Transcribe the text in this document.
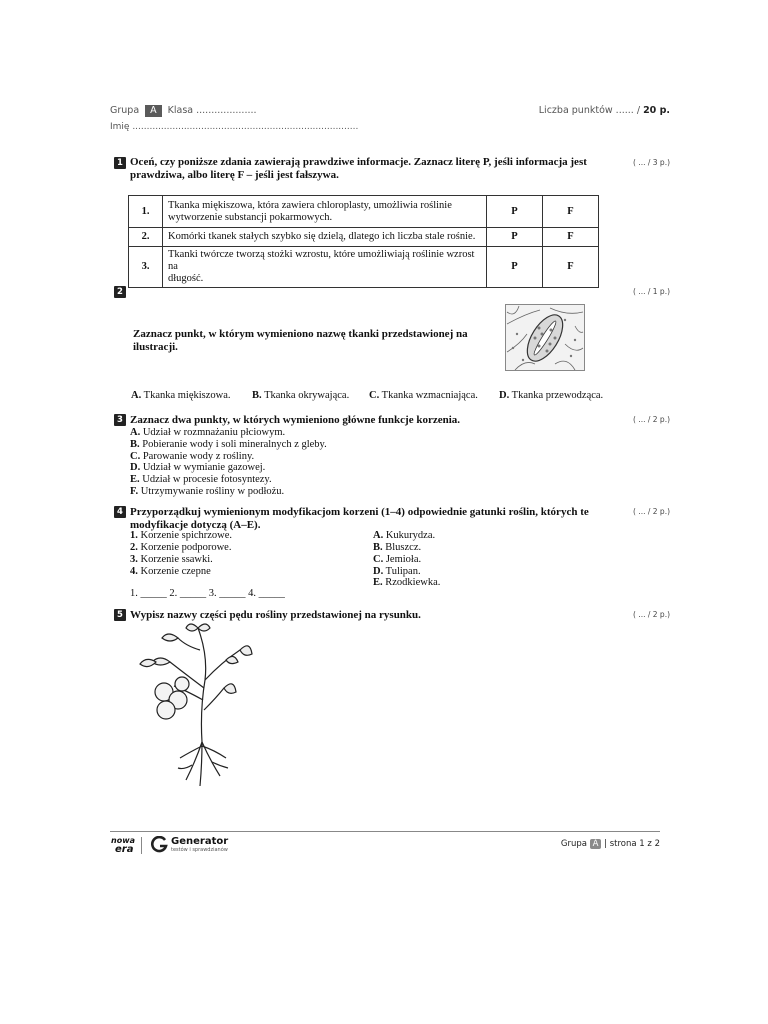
Grupa A Klasa ....................	Liczba punktów ...... / 20 p.
Imię ...............................................................................
1 Oceń, czy poniższe zdania zawierają prawdziwe informacje. Zaznacz literę P, jeśli informacja jest
prawdziwa, albo literę F – jeśli jest fałszywa.
( ... / 3 p.)
1.	Tkanka miękiszowa, która zawiera chloroplasty, umożliwia roślinie
wytworzenie substancji pokarmowych.	P	F
2.	Komórki tkanek stałych szybko się dzielą, dlatego ich liczba stale rośnie.	P	F
3.	Tkanki twórcze tworzą stożki wzrostu, które umożliwiają roślinie wzrost na
długość.	P	F
2	( ... / 1 p.)
Zaznacz punkt, w którym wymieniono nazwę tkanki przedstawionej na
ilustracji.
A. Tkanka miękiszowa. B. Tkanka okrywająca. C. Tkanka wzmacniająca. D. Tkanka przewodząca.
3 Zaznacz dwa punkty, w których wymieniono główne funkcje korzenia.	( ... / 2 p.)
A. Udział w rozmnażaniu płciowym.
B. Pobieranie wody i soli mineralnych z gleby.
C. Parowanie wody z rośliny.
D. Udział w wymianie gazowej.
E. Udział w procesie fotosyntezy.
F. Utrzymywanie rośliny w podłożu.
4 Przyporządkuj wymienionym modyfikacjom korzeni (1–4) odpowiednie gatunki roślin, których te
modyfikacje dotyczą (A–E).
( ... / 2 p.)
1. Korzenie spichrzowe.
2. Korzenie podporowe.
3. Korzenie ssawki.
4. Korzenie czepne
A. Kukurydza.
B. Bluszcz.
C. Jemioła.
D. Tulipan.
E. Rzodkiewka.
1. _____ 2. _____ 3. _____ 4. _____
5 Wypisz nazwy części pędu rośliny przedstawionej na rysunku.	( ... / 2 p.)
nowa
era
Generator
testów i sprawdzianów
Grupa A | strona 1 z 2
